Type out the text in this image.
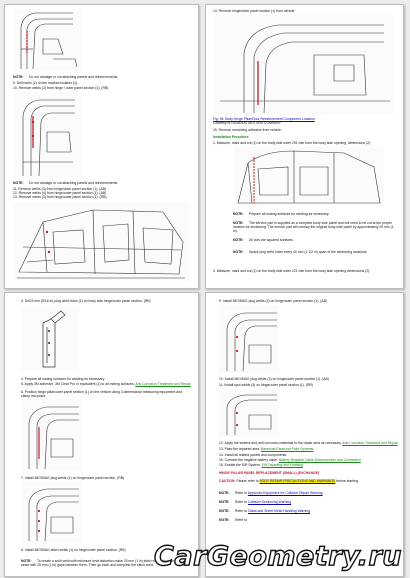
NOTE: Do not damage or cut attaching panels and reinforcements.
9. Drill holes (2) on the marked location (2).
10. Remove welds (2) from hinge / outer panel section (1). (RB)
NOTE: Do not damage or cut attaching panels and reinforcements.
11. Remove welds (3) from hinge/outer panel section (1). (AB)
12. Remove welds (4) from hinge/outer panel section (1). (AB)
13. Remove welds (3) from hinge/outer panel section (1). (RB)
14. Remove hinge/outer panel section (1) from vehicle.
Fig. 94: Body Hinge Pillar/Door Reinforcement Component Location
Courtesy of GENERAL MOTORS COMPANY
15. Remove remaining adhesive from vehicle.
Installation Procedure
1. Measure, mark and cut (1) on the body side outer 291 mm from the body side opening, dimensions (2).
NOTE: Prepare all mating surfaces for welding as necessary.
NOTE: The service part is supplied as a complete body side panel and will need to be cut at the proper location for sectioning. The service part will overlap the original body side panel by approximately 25 mm (1 in).
NOTE: All cuts are squared surfaces.
NOTE: Space plug weld holes every 40 mm (1 1/2 in) apart of the sectioning locations.
2. Measure, mark and cut (1) on the body side outer 221 mm from the body side opening dimensions (2).
3. Drill 8 mm (5/16 in) plug weld holes (1) on body side hinge/outer panel section. (RB)
4. Prepare all mating surfaces for welding as necessary.
5. Apply 3M adhesive, 3M Clear Pro or equivalent (1) to all mating surfaces. Anti-Corrosion Treatment and Repair
6. Position hinge pillar/outer panel section (1) on the vehicle using 3-dimensional measuring equipment and clamp into place.
7. Install MIG/MAG plug welds (1) on hinge/outer panel section. (RB)
8. Install MIG/MAG stitch welds (1) on hinge/outer panel section. (RB)
NOTE: To create a solid weld with minimum heat distortion make 25 mm (1 in) stitch welds along the seam with 25 mm (1 in) gaps between them. Then go back and complete the stitch weld.
9. Install MIG/MAG plug welds (3) on hinge/outer panel section (1). (AB)
10. Install MIG/MAG plug welds (3) on hinge/outer panel section (1). (AB)
11. Install spot welds (4) on hinge/outer panel section (1). (RB)
12. Apply the sealers and anti-corrosion materials to the repair area as necessary. Anti-Corrosion Treatment and Repair
13. Paint the repaired area. Basecoat/Clearcoat Paint Systems
14. Install all related panels and components.
15. Connect the negative battery cable. Battery Negative Cable Disconnection and Connection
16. Enable the SIR System. SIR Disabling and Enabling
HINGE PILLAR PANEL REPLACEMENT (SMALL) (EXCHANGE)
CAUTION: Please refer to BODY REPAIR PRECAUTIONS AND WARNINGS before starting.
NOTE: Refer to Approved Equipment for Collision Repair Warning
NOTE: Refer to Collision Sectioning Warning
NOTE: Refer to Glass and Sheet Metal Handling Warning
NOTE: Refer to
CarGeometry.ru
